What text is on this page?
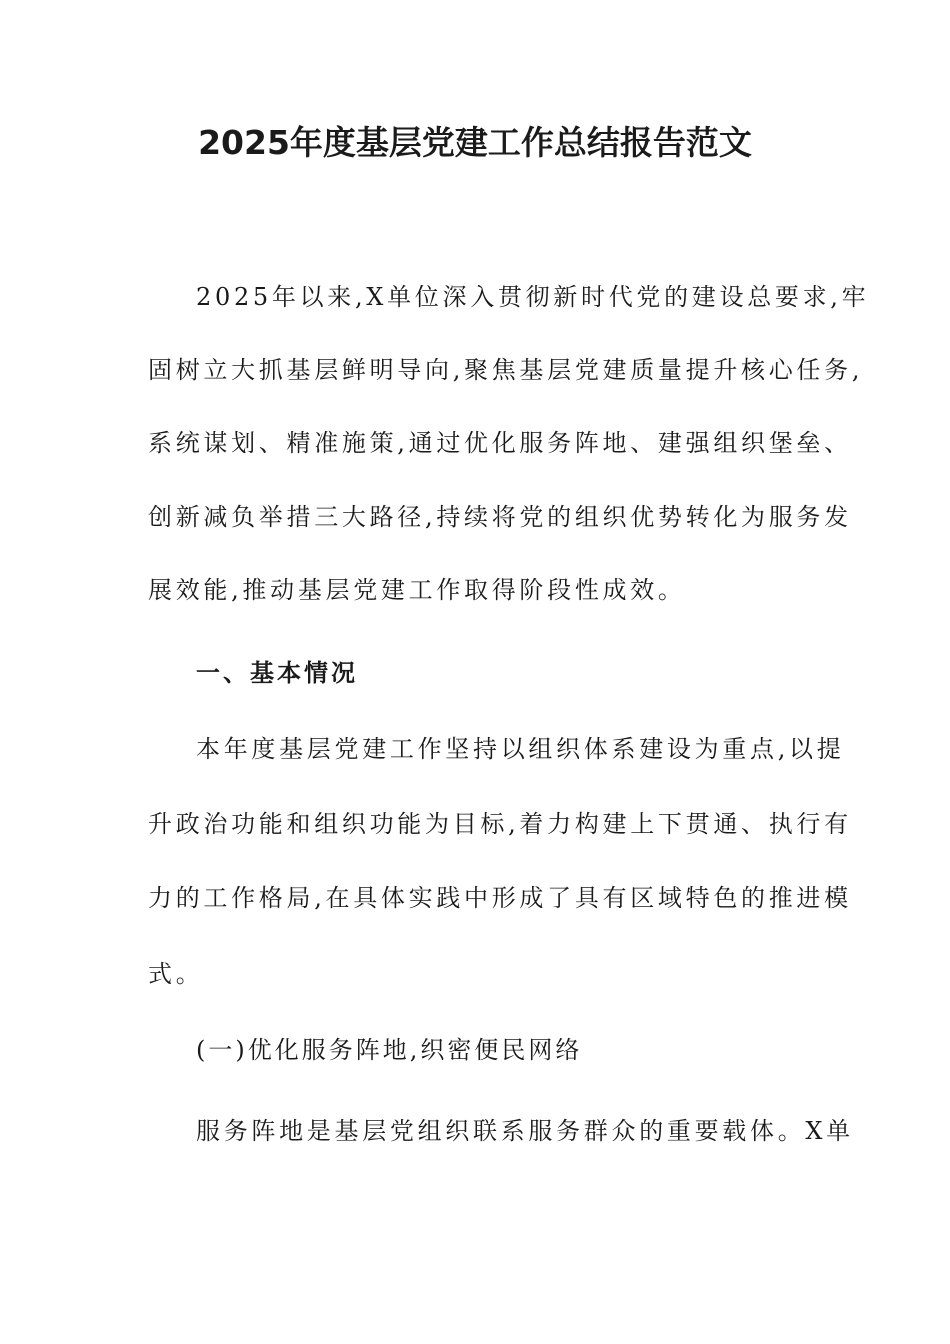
2025年度基层党建工作总结报告范文

2025年以来,X单位深入贯彻新时代党的建设总要求,牢

固树立大抓基层鲜明导向,聚焦基层党建质量提升核心任务,

系统谋划、精准施策,通过优化服务阵地、建强组织堡垒、

创新减负举措三大路径,持续将党的组织优势转化为服务发

展效能,推动基层党建工作取得阶段性成效。

一、基本情况

本年度基层党建工作坚持以组织体系建设为重点,以提

升政治功能和组织功能为目标,着力构建上下贯通、执行有

力的工作格局,在具体实践中形成了具有区域特色的推进模

式。

(一)优化服务阵地,织密便民网络

服务阵地是基层党组织联系服务群众的重要载体。X单
